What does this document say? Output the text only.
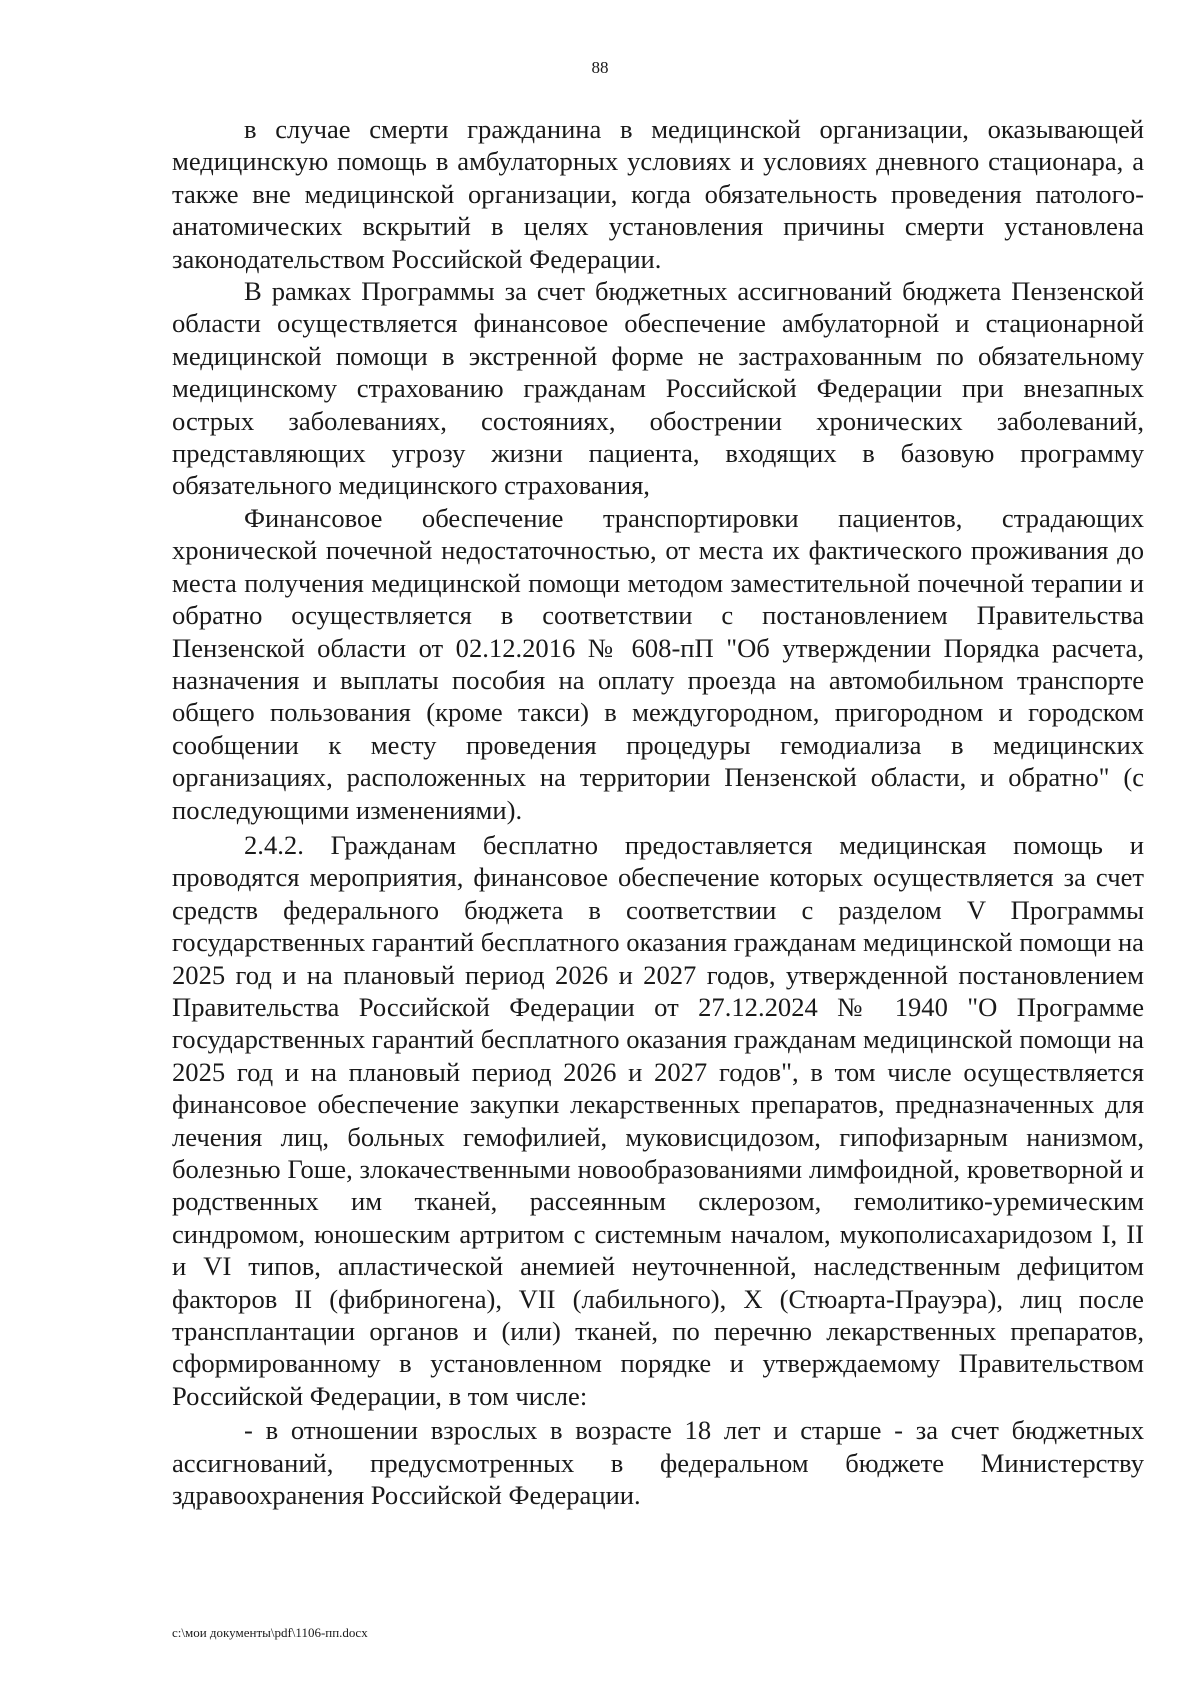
88

в случае смерти гражданина в медицинской организации, оказывающей медицинскую помощь в амбулаторных условиях и условиях дневного стационара, а также вне медицинской организации, когда обязательность проведения патолого-анатомических вскрытий в целях установления причины смерти установлена законодательством Российской Федерации.

В рамках Программы за счет бюджетных ассигнований бюджета Пензенской области осуществляется финансовое обеспечение амбулаторной и стационарной медицинской помощи в экстренной форме не застрахованным по обязательному медицинскому страхованию гражданам Российской Федерации при внезапных острых заболеваниях, состояниях, обострении хронических заболеваний, представляющих угрозу жизни пациента, входящих в базовую программу обязательного медицинского страхования,

Финансовое обеспечение транспортировки пациентов, страдающих хронической почечной недостаточностью, от места их фактического проживания до места получения медицинской помощи методом заместительной почечной терапии и обратно осуществляется в соответствии с постановлением Правительства Пензенской области от 02.12.2016 № 608-пП "Об утверждении Порядка расчета, назначения и выплаты пособия на оплату проезда на автомобильном транспорте общего пользования (кроме такси) в междугородном, пригородном и городском сообщении к месту проведения процедуры гемодиализа в медицинских организациях, расположенных на территории Пензенской области, и обратно" (с последующими изменениями).

2.4.2. Гражданам бесплатно предоставляется медицинская помощь и проводятся мероприятия, финансовое обеспечение которых осуществляется за счет средств федерального бюджета в соответствии с разделом V Программы государственных гарантий бесплатного оказания гражданам медицинской помощи на 2025 год и на плановый период 2026 и 2027 годов, утвержденной постановлением Правительства Российской Федерации от 27.12.2024 № 1940 "О Программе государственных гарантий бесплатного оказания гражданам медицинской помощи на 2025 год и на плановый период 2026 и 2027 годов", в том числе осуществляется финансовое обеспечение закупки лекарственных препаратов, предназначенных для лечения лиц, больных гемофилией, муковисцидозом, гипофизарным нанизмом, болезнью Гоше, злокачественными новообразованиями лимфоидной, кроветворной и родственных им тканей, рассеянным склерозом, гемолитико-уремическим синдромом, юношеским артритом с системным началом, мукополисахаридозом I, II и VI типов, апластической анемией неуточненной, наследственным дефицитом факторов II (фибриногена), VII (лабильного), X (Стюарта-Прауэра), лиц после трансплантации органов и (или) тканей, по перечню лекарственных препаратов, сформированному в установленном порядке и утверждаемому Правительством Российской Федерации, в том числе:

- в отношении взрослых в возрасте 18 лет и старше - за счет бюджетных ассигнований, предусмотренных в федеральном бюджете Министерству здравоохранения Российской Федерации.

c:\мои документы\pdf\1106-пп.docx
